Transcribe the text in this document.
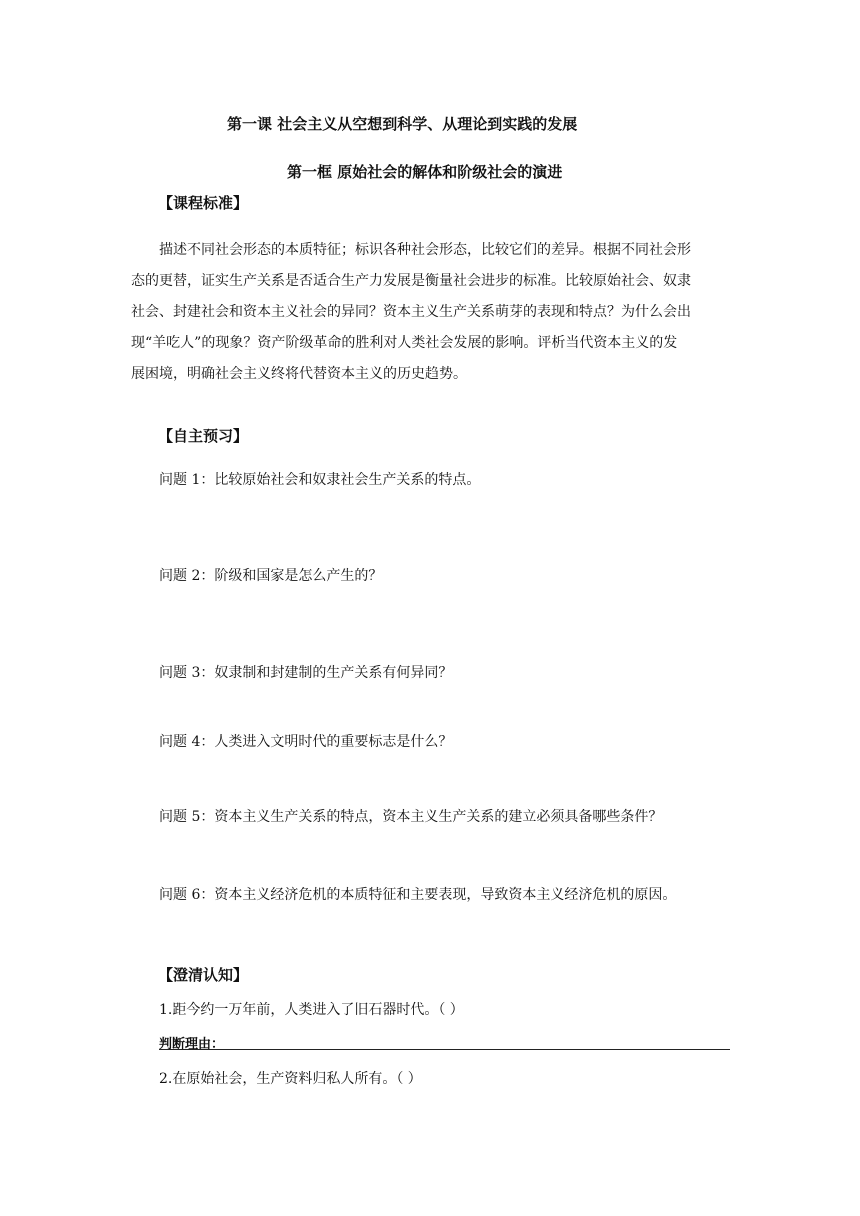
第一课 社会主义从空想到科学、从理论到实践的发展
第一框 原始社会的解体和阶级社会的演进
【课程标准】
描述不同社会形态的本质特征；标识各种社会形态，比较它们的差异。根据不同社会形
态的更替，证实生产关系是否适合生产力发展是衡量社会进步的标准。比较原始社会、奴隶
社会、封建社会和资本主义社会的异同？资本主义生产关系萌芽的表现和特点？为什么会出
现“羊吃人”的现象？资产阶级革命的胜利对人类社会发展的影响。评析当代资本主义的发
展困境，明确社会主义终将代替资本主义的历史趋势。
【自主预习】
问题 1：比较原始社会和奴隶社会生产关系的特点。
问题 2：阶级和国家是怎么产生的？
问题 3：奴隶制和封建制的生产关系有何异同？
问题 4：人类进入文明时代的重要标志是什么？
问题 5：资本主义生产关系的特点，资本主义生产关系的建立必须具备哪些条件？
问题 6：资本主义经济危机的本质特征和主要表现，导致资本主义经济危机的原因。
【澄清认知】
1.距今约一万年前，人类进入了旧石器时代。（ ）
判断理由：
2.在原始社会，生产资料归私人所有。（ ）
